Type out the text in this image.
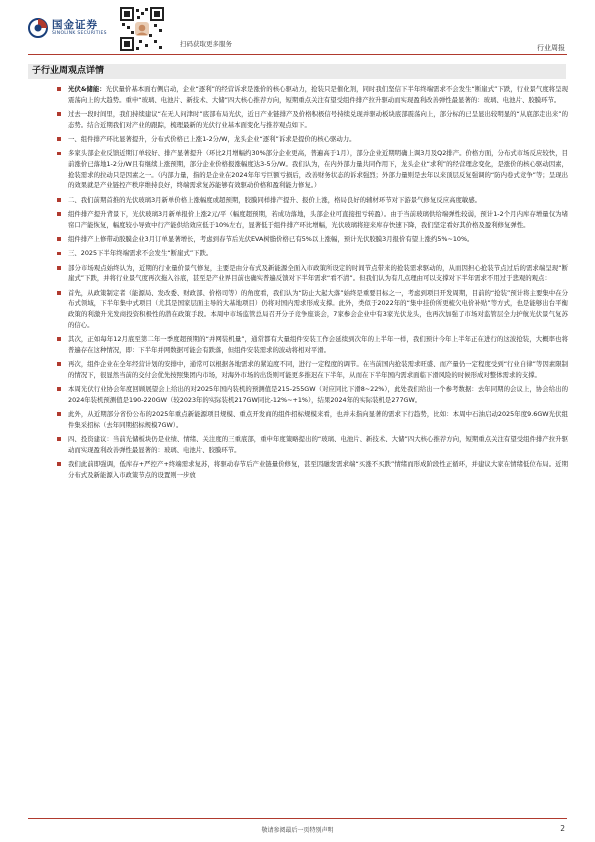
国金证券
SINOLINK SECURITIES
扫码获取更多服务	行业周报
子行业周观点详情
光伏&储能：光伏量价基本面右侧启动，企业“逐利”的经营诉求是涨价的核心驱动力，抢装只是催化剂，同时我们坚信下半年终端需求不会发生“断崖式”下跌，行业景气度将呈现震荡向上的大趋势。重申“玻璃、电池片、新技术、大储”四大核心推荐方向，短期重点关注有望受组件排产拉升驱动而实现盈利改善弹性最显著的：玻璃、电池片、胶膜环节。
过去一段时间里，我们持续建议“在无人问津时”底部布局光伏，近日产业链排产及价格积极信号持续兑现并驱动板块底部震荡向上，部分标的已呈显出较明显的“从底部走出来”的态势。结合近期我们对产业的跟踪，梳理最新的光伏行业基本面变化与推荐观点如下。
一、组件排产环比显著提升，分布式价格已上涨1-2分/W，龙头企业“逐利”诉求是提价的核心驱动力。
多家头部企业反馈近期订单较好、排产显著提升（环比2月增幅约30%部分企业更高，普遍高于1月），部分企业近期明确上调3月及Q2排产。价格方面，分布式市场反应较快，目前涨价已落地1-2分/W且有继续上涨预期，部分企业价格报涨幅度达3-5分/W。我们认为，在内外部力量共同作用下，龙头企业“求利”的经营理念变化，是涨价的核心驱动因素，抢装需求的拉动只是因素之一。（内部力量，指的是企业在2024年年亏巨额亏损后，改善财务状态的诉求强烈；外部力量则是去年以来顶层反复强调的“防内卷式竞争”等；呈现出的效果就是产业链控产秩序维持良好，终端需求复苏能够有效驱动价格和盈利能力修复。）
二、我们前期首推的光伏玻璃3月新单价格上涨幅度或超预期，胶膜同样排产提升、报价上涨，格局良好的辅材环节对下游景气修复反应高度敏感。
组件排产提升背景下，光伏玻璃3月新单报价上涨2元/平（幅度超预期，若成功落地，头部企业可直接扭亏转盈）。由于当前玻璃供给端弹性较弱，预计1-2个月内库存增量仅为堵窑口产能恢复，幅度较小导致中行产能供给效应低于10%左右，显著低于组件排产环比增幅，光伏玻璃将迎来库存快速下降，我们坚定看好其价格及盈利修复弹性。
组件排产上修带动胶膜企业3月订单显著增长，考虑到春节后光伏EVA树脂价格已有5%以上涨幅，预计光伏胶膜3月报价有望上涨约5%~10%。
三、2025下半年终端需求不会发生“断崖式”下跌。
部分市场观点始终认为，近期的行业量价景气修复，主要是由分布式及新能源全面入市政策所设定的时间节点带来的抢装需求驱动的，从而因担心抢装节点过后的需求端呈现“断崖式”下跌，并将行业景气度再次拖入谷底，甚至是产业界目前也确实普遍反馈对下半年需求“看不清”。但我们认为有几点理由可以支撑对下半年需求不用过于悲观的观点：
首先，从政策制定者（能源局、发改委、财政部、价格司等）的角度看，我们认为“防止大起大落”始终是重要目标之一，考虑到项目开发周期，目前的“抢装”预计将主要集中在分布式领域，下半年集中式项目（尤其是国家层面主导的大基地项目）仍将对国内需求形成支撑。此外，类似于2022年的“集中挂价所更梳欠电价补贴”等方式，也是能够出台平衡政策的利激升光发商投资积极性的潜在政策手段。本周中市场监管总局召开分子竞争座谈会，7家参会企业中有3家光伏龙头，也再次加强了市场对监管层全力护航光伏景气复苏的信心。
其次，正如每年12月底至第二年一季度超预期的“并网装机量”，通常都有大量组件安装工作会延续到次年的上半年一样，我们预计今年上半年正在进行的这波抢装，大概率也将普遍存在这种情况，即：下半年并网数据可能会有跌落，但组件安装需求的波动将相对平滑。
再次，组件企业在全年经营计划的安排中，通常可以根据各地需求的紧迫度不同，进行一定程度的调节。在当前国内抢装需求旺盛、而产量仍一定程度受到“行业自律”等因素限制的情况下，很显然当前的交付会优先按照集团内市场，对海外市场的出货则可能更多推迟在下半年，从而在下半年国内需求面临下滑风险的时候形成对整体需求的支撑。
本周光伏行业协会年度回顾展望会上给出的对2025年国内装机的预测值是215-255GW（对应同比下滑8~22%），此处我们给出一个参考数据：去年同期的会议上，协会给出的2024年装机预测值是190-220GW（较2023年的实际装机217GW同比-12%~+1%），结果2024年的实际装机是277GW。
此外，从近期部分省份公布的2025年重点新能源项目规模、重点开发商的组件招标规模来看，也并未指向显著的需求下行趋势，比如：本周中石油启动2025年度9.6GW光伏组件集采招标（去年同期招标规模7GW）。
四、投资建议：当前光储板块仍是业绩、情绪、关注度的三重底部，重申年度策略提出的“玻璃、电池片、新技术、大储”四大核心推荐方向，短期重点关注有望受组件排产拉升驱动而实现盈利改善弹性最显著的：玻璃、电池片、胶膜环节。
我们此前即强调，低库存+严控产+终端需求复苏，将驱动春节后产业链量价修复，甚至因融发需求端“买涨不买跌”情绪而形成阶段性正循环，并建议大家在情绪低位布局。近期分布式及新能源入市政策节点的设置则一步放
敬请参阅最后一页特别声明	2
